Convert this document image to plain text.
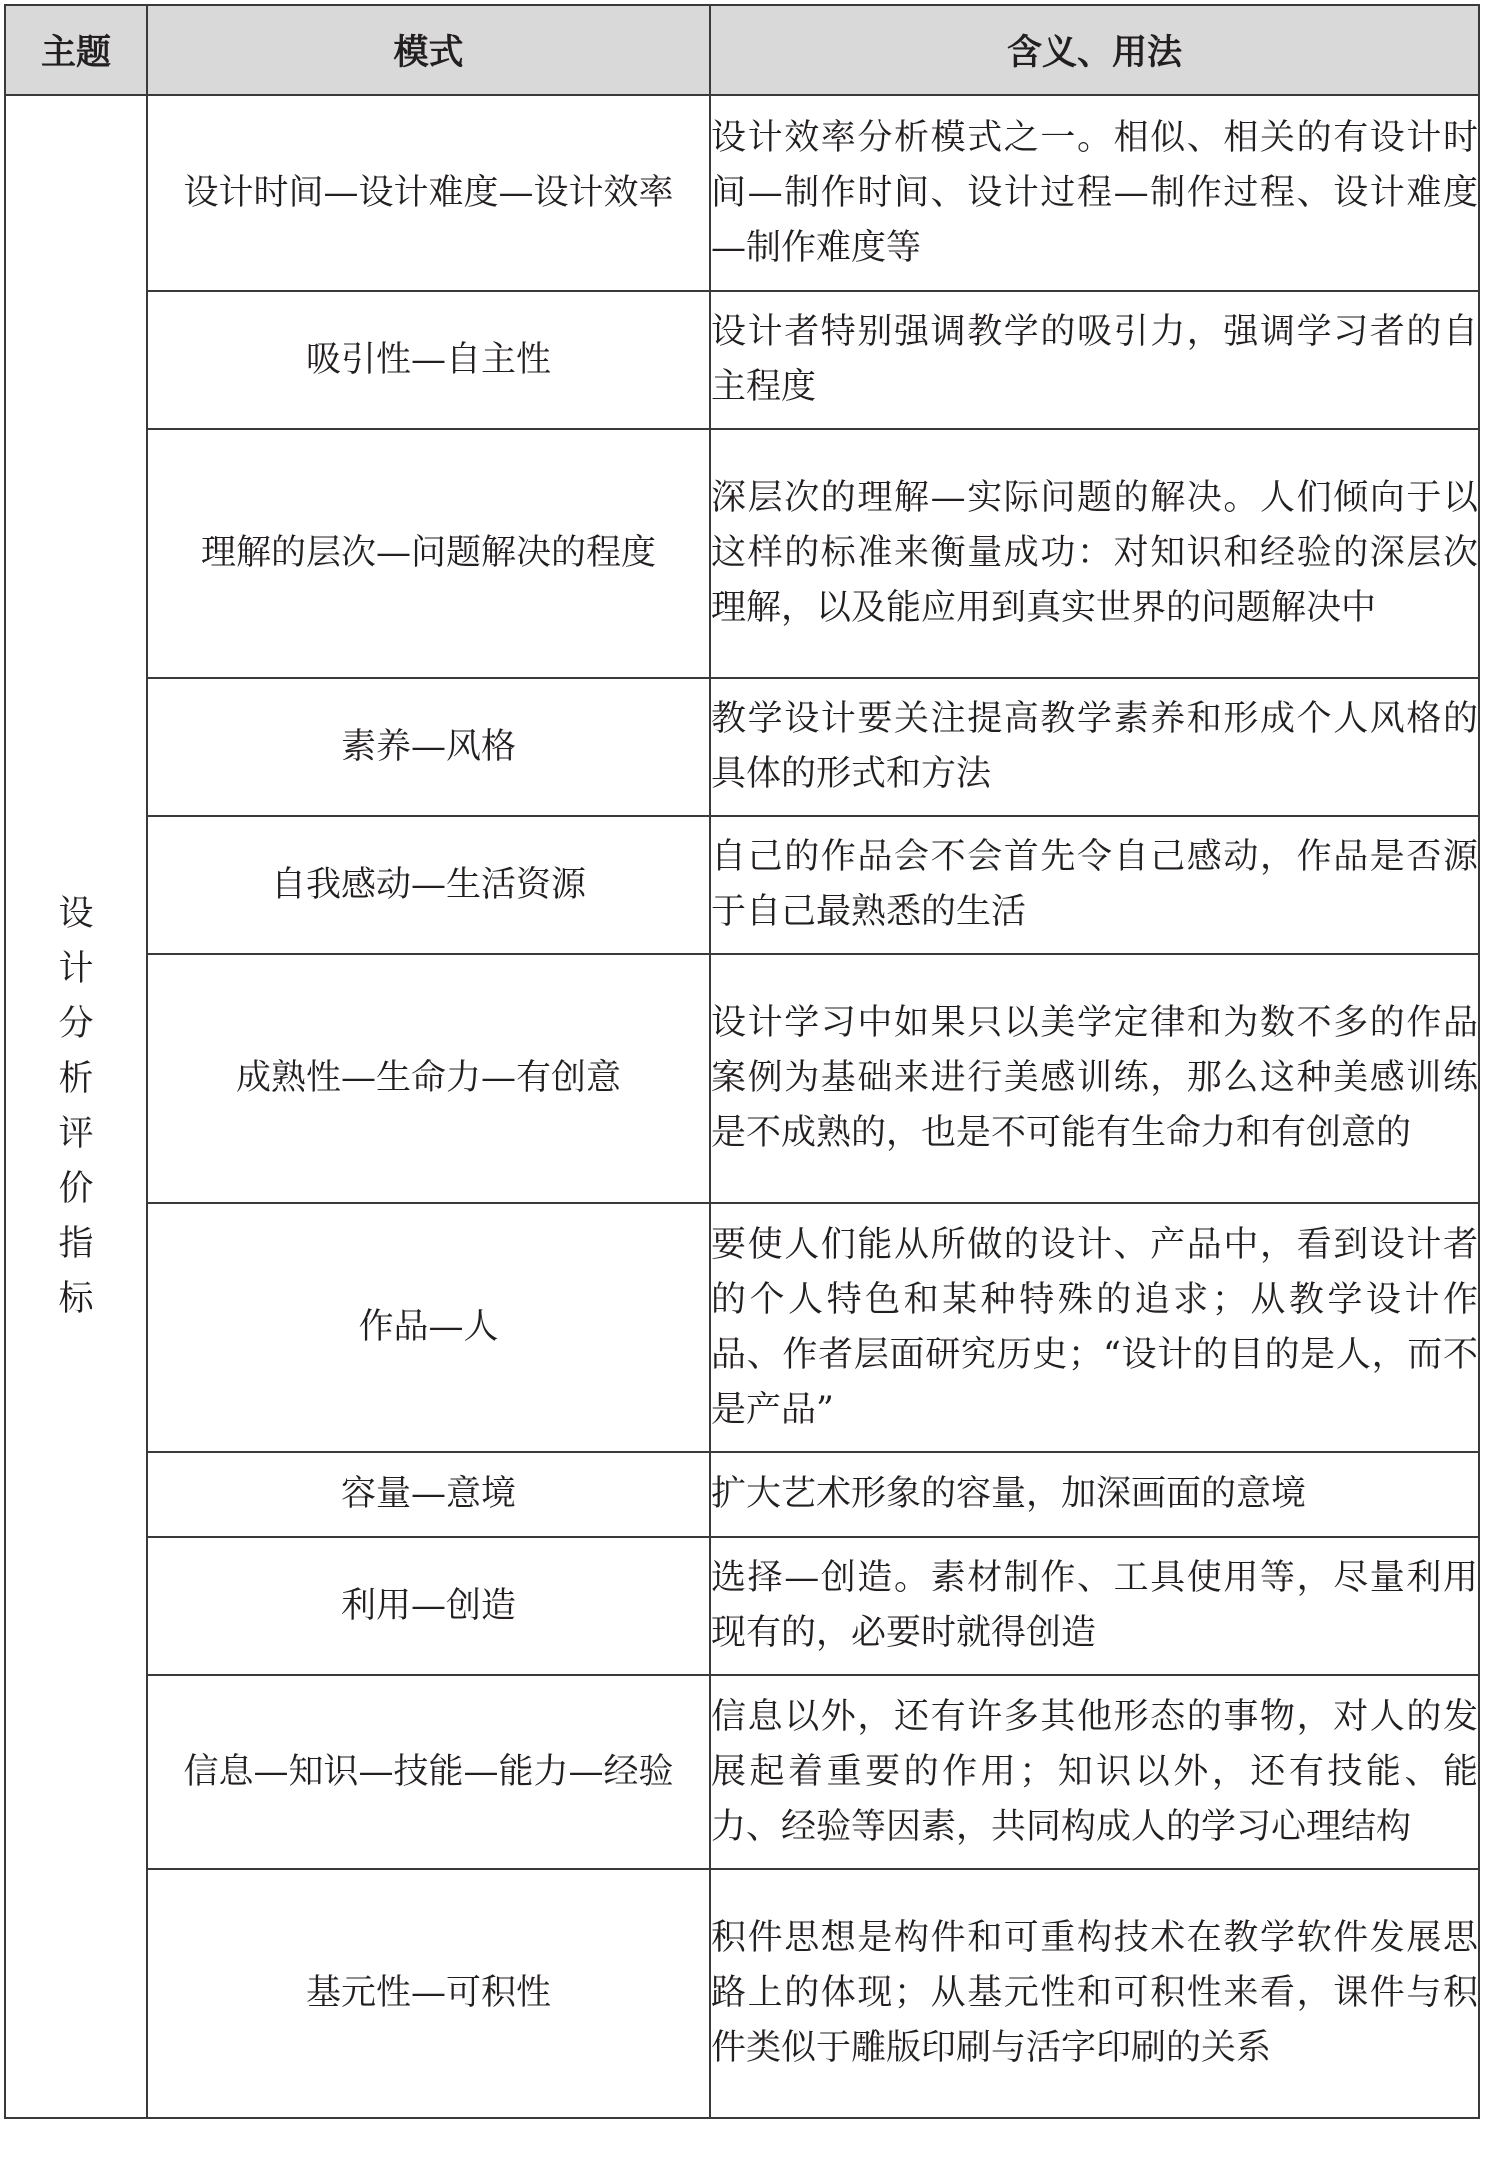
主题	模式	含义、用法
设计分析评价指标	设计时间—设计难度—设计效率	设计效率分析模式之一。相似、相关的有设计时间—制作时间、设计过程—制作过程、设计难度—制作难度等
	吸引性—自主性	设计者特别强调教学的吸引力，强调学习者的自主程度
	理解的层次—问题解决的程度	深层次的理解—实际问题的解决。人们倾向于以这样的标准来衡量成功：对知识和经验的深层次理解，以及能应用到真实世界的问题解决中
	素养—风格	教学设计要关注提高教学素养和形成个人风格的具体的形式和方法
	自我感动—生活资源	自己的作品会不会首先令自己感动，作品是否源于自己最熟悉的生活
	成熟性—生命力—有创意	设计学习中如果只以美学定律和为数不多的作品案例为基础来进行美感训练，那么这种美感训练是不成熟的，也是不可能有生命力和有创意的
	作品—人	要使人们能从所做的设计、产品中，看到设计者的个人特色和某种特殊的追求；从教学设计作品、作者层面研究历史；“设计的目的是人，而不是产品”
	容量—意境	扩大艺术形象的容量，加深画面的意境
	利用—创造	选择—创造。素材制作、工具使用等，尽量利用现有的，必要时就得创造
	信息—知识—技能—能力—经验	信息以外，还有许多其他形态的事物，对人的发展起着重要的作用；知识以外，还有技能、能力、经验等因素，共同构成人的学习心理结构
	基元性—可积性	积件思想是构件和可重构技术在教学软件发展思路上的体现；从基元性和可积性来看，课件与积件类似于雕版印刷与活字印刷的关系
